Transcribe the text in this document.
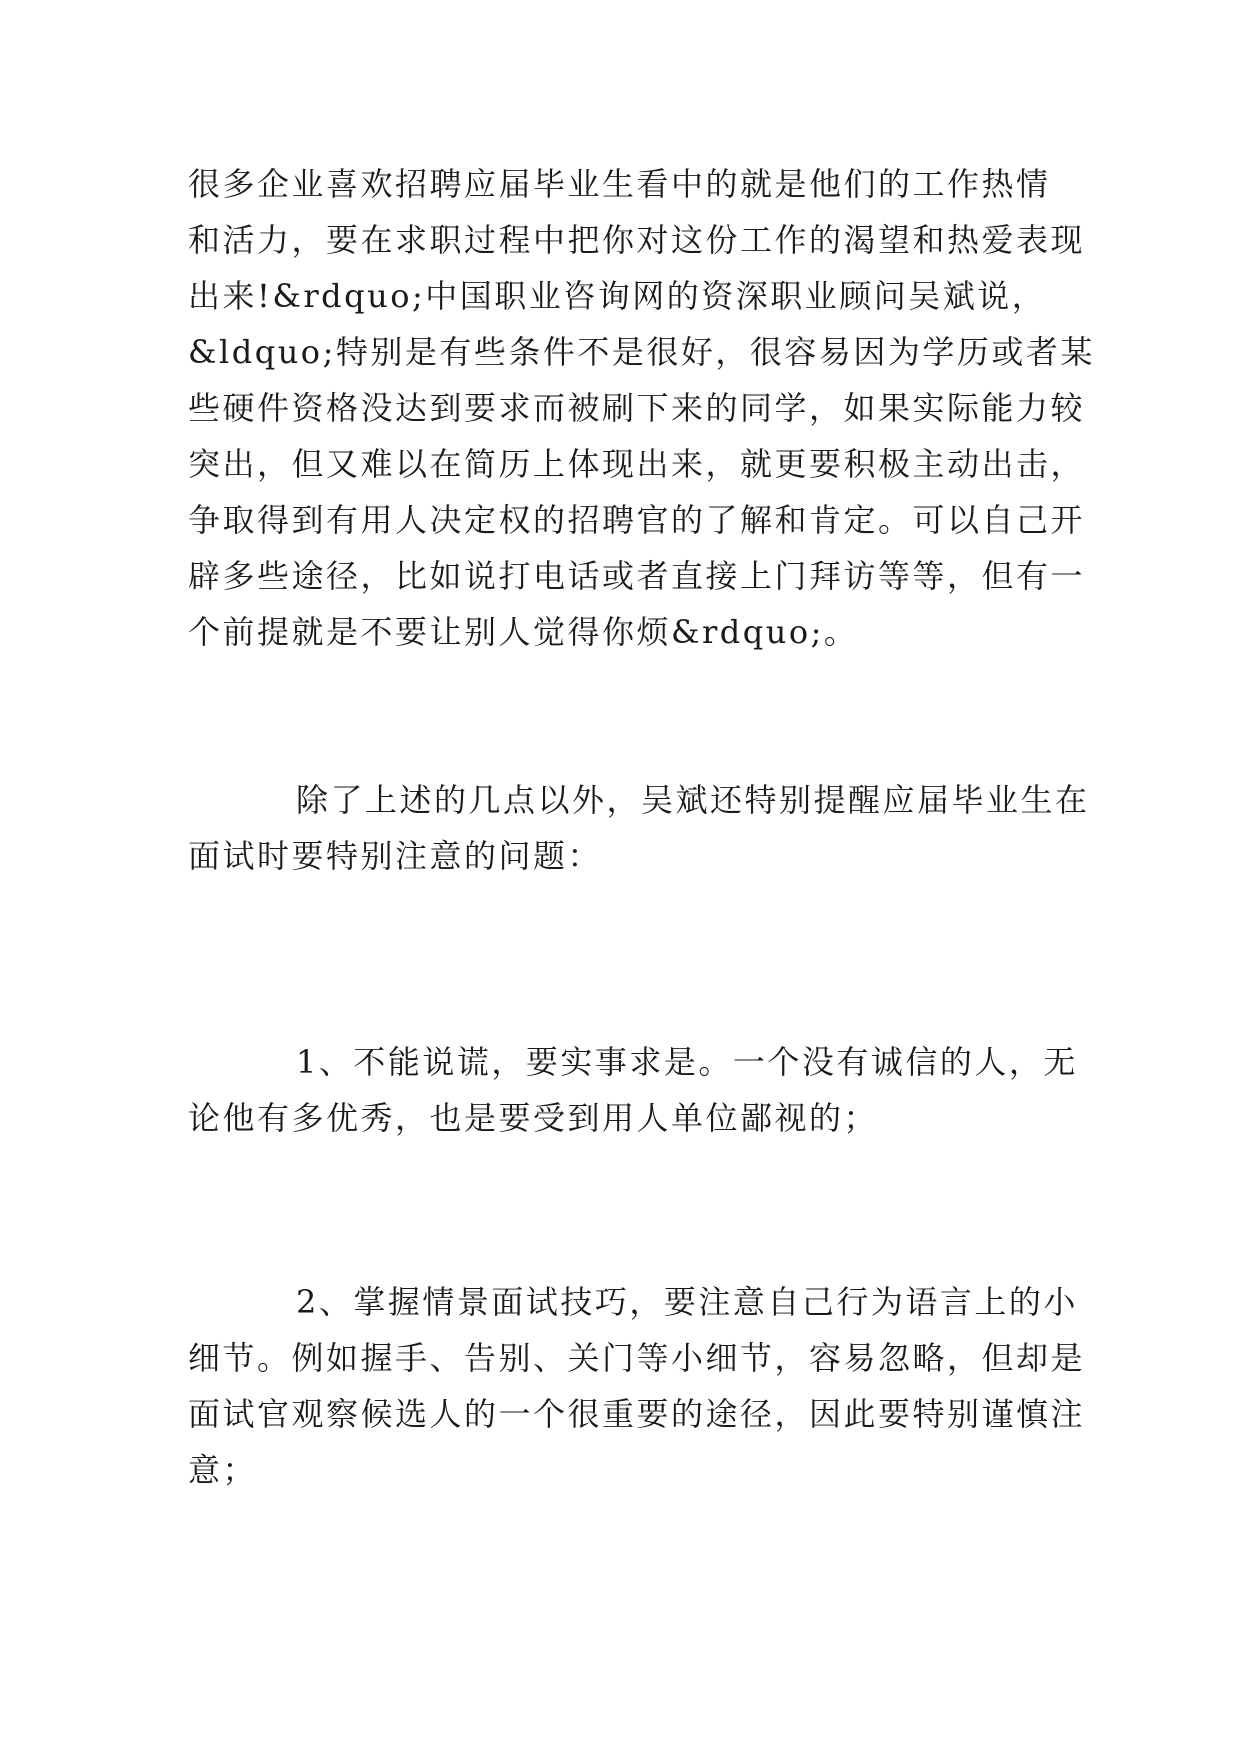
很多企业喜欢招聘应届毕业生看中的就是他们的工作热情
和活力，要在求职过程中把你对这份工作的渴望和热爱表现
出来!&rdquo;中国职业咨询网的资深职业顾问吴斌说，
&ldquo;特别是有些条件不是很好，很容易因为学历或者某
些硬件资格没达到要求而被刷下来的同学，如果实际能力较
突出，但又难以在简历上体现出来，就更要积极主动出击，
争取得到有用人决定权的招聘官的了解和肯定。可以自己开
辟多些途径，比如说打电话或者直接上门拜访等等，但有一
个前提就是不要让别人觉得你烦&rdquo;。
除了上述的几点以外，吴斌还特别提醒应届毕业生在
面试时要特别注意的问题：
1、不能说谎，要实事求是。一个没有诚信的人，无
论他有多优秀，也是要受到用人单位鄙视的；
2、掌握情景面试技巧，要注意自己行为语言上的小
细节。例如握手、告别、关门等小细节，容易忽略，但却是
面试官观察候选人的一个很重要的途径，因此要特别谨慎注
意；
